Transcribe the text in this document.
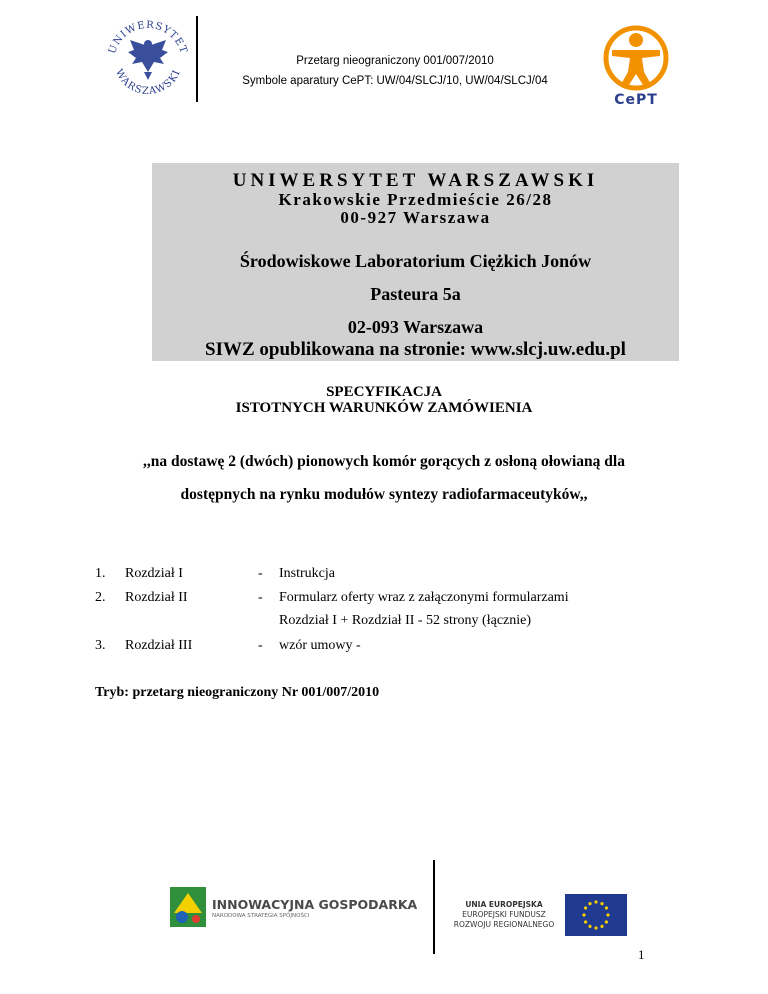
UNIWERSYTET
WARSZAWSKI
Przetarg nieograniczony 001/007/2010
Symbole aparatury CePT: UW/04/SLCJ/10, UW/04/SLCJ/04
CePT
UNIWERSYTET WARSZAWSKI
Krakowskie Przedmieście 26/28
00-927 Warszawa
Środowiskowe Laboratorium Ciężkich Jonów
Pasteura 5a
02-093 Warszawa
SIWZ opublikowana na stronie: www.slcj.uw.edu.pl
SPECYFIKACJA
ISTOTNYCH WARUNKÓW ZAMÓWIENIA
,,na dostawę 2 (dwóch) pionowych komór gorących z osłoną ołowianą dla
dostępnych na rynku modułów syntezy radiofarmaceutyków,,
1. Rozdział I	- Instrukcja
2. Rozdział II	- Formularz oferty wraz z załączonymi formularzami
Rozdział I + Rozdział II - 52 strony (łącznie)
3. Rozdział III	- wzór umowy -
Tryb: przetarg nieograniczony Nr 001/007/2010
INNOWACYJNA GOSPODARKA
NARODOWA STRATEGIA SPÓJNOŚCI
UNIA EUROPEJSKA
EUROPEJSKI FUNDUSZ
ROZWOJU REGIONALNEGO
1
